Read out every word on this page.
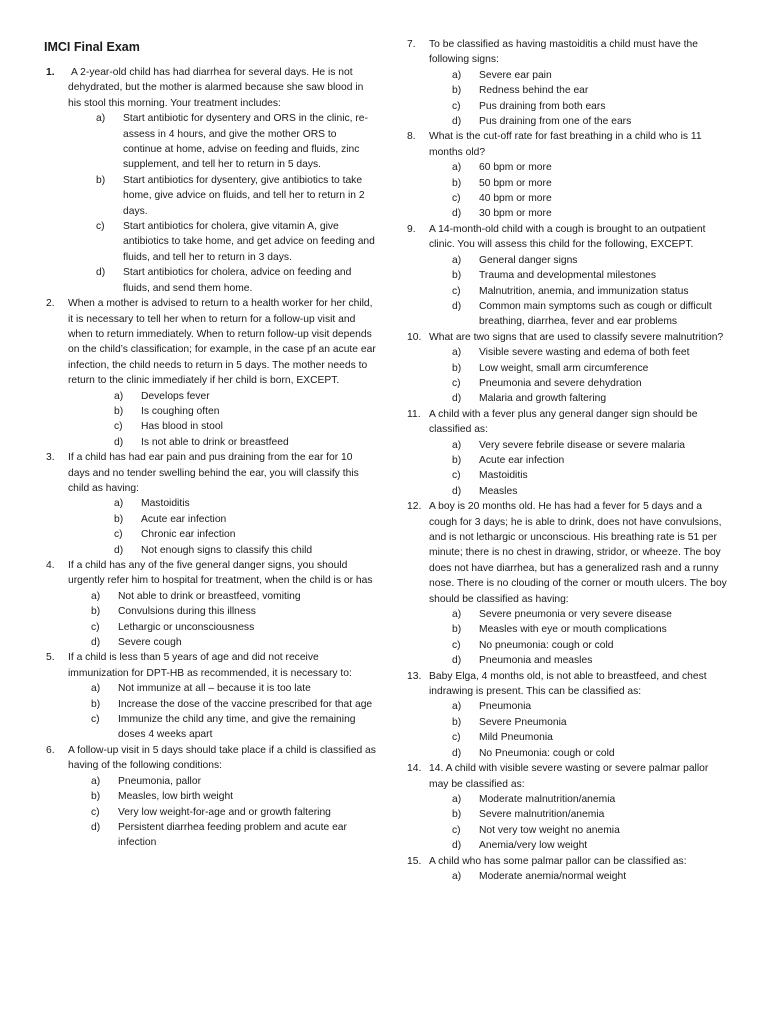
IMCI Final Exam
1. A 2-year-old child has had diarrhea for several days. He is not dehydrated, but the mother is alarmed because she saw blood in his stool this morning. Your treatment includes:
a) Start antibiotic for dysentery and ORS in the clinic, re-assess in 4 hours, and give the mother ORS to continue at home, advise on feeding and fluids, zinc supplement, and tell her to return in 5 days.
b) Start antibiotics for dysentery, give antibiotics to take home, give advice on fluids, and tell her to return in 2 days.
c) Start antibiotics for cholera, give vitamin A, give antibiotics to take home, and get advice on feeding and fluids, and tell her to return in 3 days.
d) Start antibiotics for cholera, advice on feeding and fluids, and send them home.
2. When a mother is advised to return to a health worker for her child, it is necessary to tell her when to return for a follow-up visit and when to return immediately. When to return follow-up visit depends on the child’s classification; for example, in the case pf an acute ear infection, the child needs to return in 5 days. The mother needs to return to the clinic immediately if her child is born, EXCEPT.
a) Develops fever
b) Is coughing often
c) Has blood in stool
d) Is not able to drink or breastfeed
3. If a child has had ear pain and pus draining from the ear for 10 days and no tender swelling behind the ear, you will classify this child as having:
a) Mastoiditis
b) Acute ear infection
c) Chronic ear infection
d) Not enough signs to classify this child
4. If a child has any of the five general danger signs, you should urgently refer him to hospital for treatment, when the child is or has
a) Not able to drink or breastfeed, vomiting
b) Convulsions during this illness
c) Lethargic or unconsciousness
d) Severe cough
5. If a child is less than 5 years of age and did not receive immunization for DPT-HB as recommended, it is necessary to:
a) Not immunize at all – because it is too late
b) Increase the dose of the vaccine prescribed for that age
c) Immunize the child any time, and give the remaining doses 4 weeks apart
6. A follow-up visit in 5 days should take place if a child is classified as having of the following conditions:
a) Pneumonia, pallor
b) Measles, low birth weight
c) Very low weight-for-age and or growth faltering
d) Persistent diarrhea feeding problem and acute ear infection
7. To be classified as having mastoiditis a child must have the following signs:
a) Severe ear pain
b) Redness behind the ear
c) Pus draining from both ears
d) Pus draining from one of the ears
8. What is the cut-off rate for fast breathing in a child who is 11 months old?
a) 60 bpm or more
b) 50 bpm or more
c) 40 bpm or more
d) 30 bpm or more
9. A 14-month-old child with a cough is brought to an outpatient clinic. You will assess this child for the following, EXCEPT.
a) General danger signs
b) Trauma and developmental milestones
c) Malnutrition, anemia, and immunization status
d) Common main symptoms such as cough or difficult breathing, diarrhea, fever and ear problems
10. What are two signs that are used to classify severe malnutrition?
a) Visible severe wasting and edema of both feet
b) Low weight, small arm circumference
c) Pneumonia and severe dehydration
d) Malaria and growth faltering
11. A child with a fever plus any general danger sign should be classified as:
a) Very severe febrile disease or severe malaria
b) Acute ear infection
c) Mastoiditis
d) Measles
12. A boy is 20 months old. He has had a fever for 5 days and a cough for 3 days; he is able to drink, does not have convulsions, and is not lethargic or unconscious. His breathing rate is 51 per minute; there is no chest in drawing, stridor, or wheeze. The boy does not have diarrhea, but has a generalized rash and a runny nose. There is no clouding of the corner or mouth ulcers. The boy should be classified as having:
a) Severe pneumonia or very severe disease
b) Measles with eye or mouth complications
c) No pneumonia: cough or cold
d) Pneumonia and measles
13. Baby Elga, 4 months old, is not able to breastfeed, and chest indrawing is present. This can be classified as:
a) Pneumonia
b) Severe Pneumonia
c) Mild Pneumonia
d) No Pneumonia: cough or cold
14. 14. A child with visible severe wasting or severe palmar pallor may be classified as:
a) Moderate malnutrition/anemia
b) Severe malnutrition/anemia
c) Not very tow weight no anemia
d) Anemia/very low weight
15. A child who has some palmar pallor can be classified as:
a) Moderate anemia/normal weight
